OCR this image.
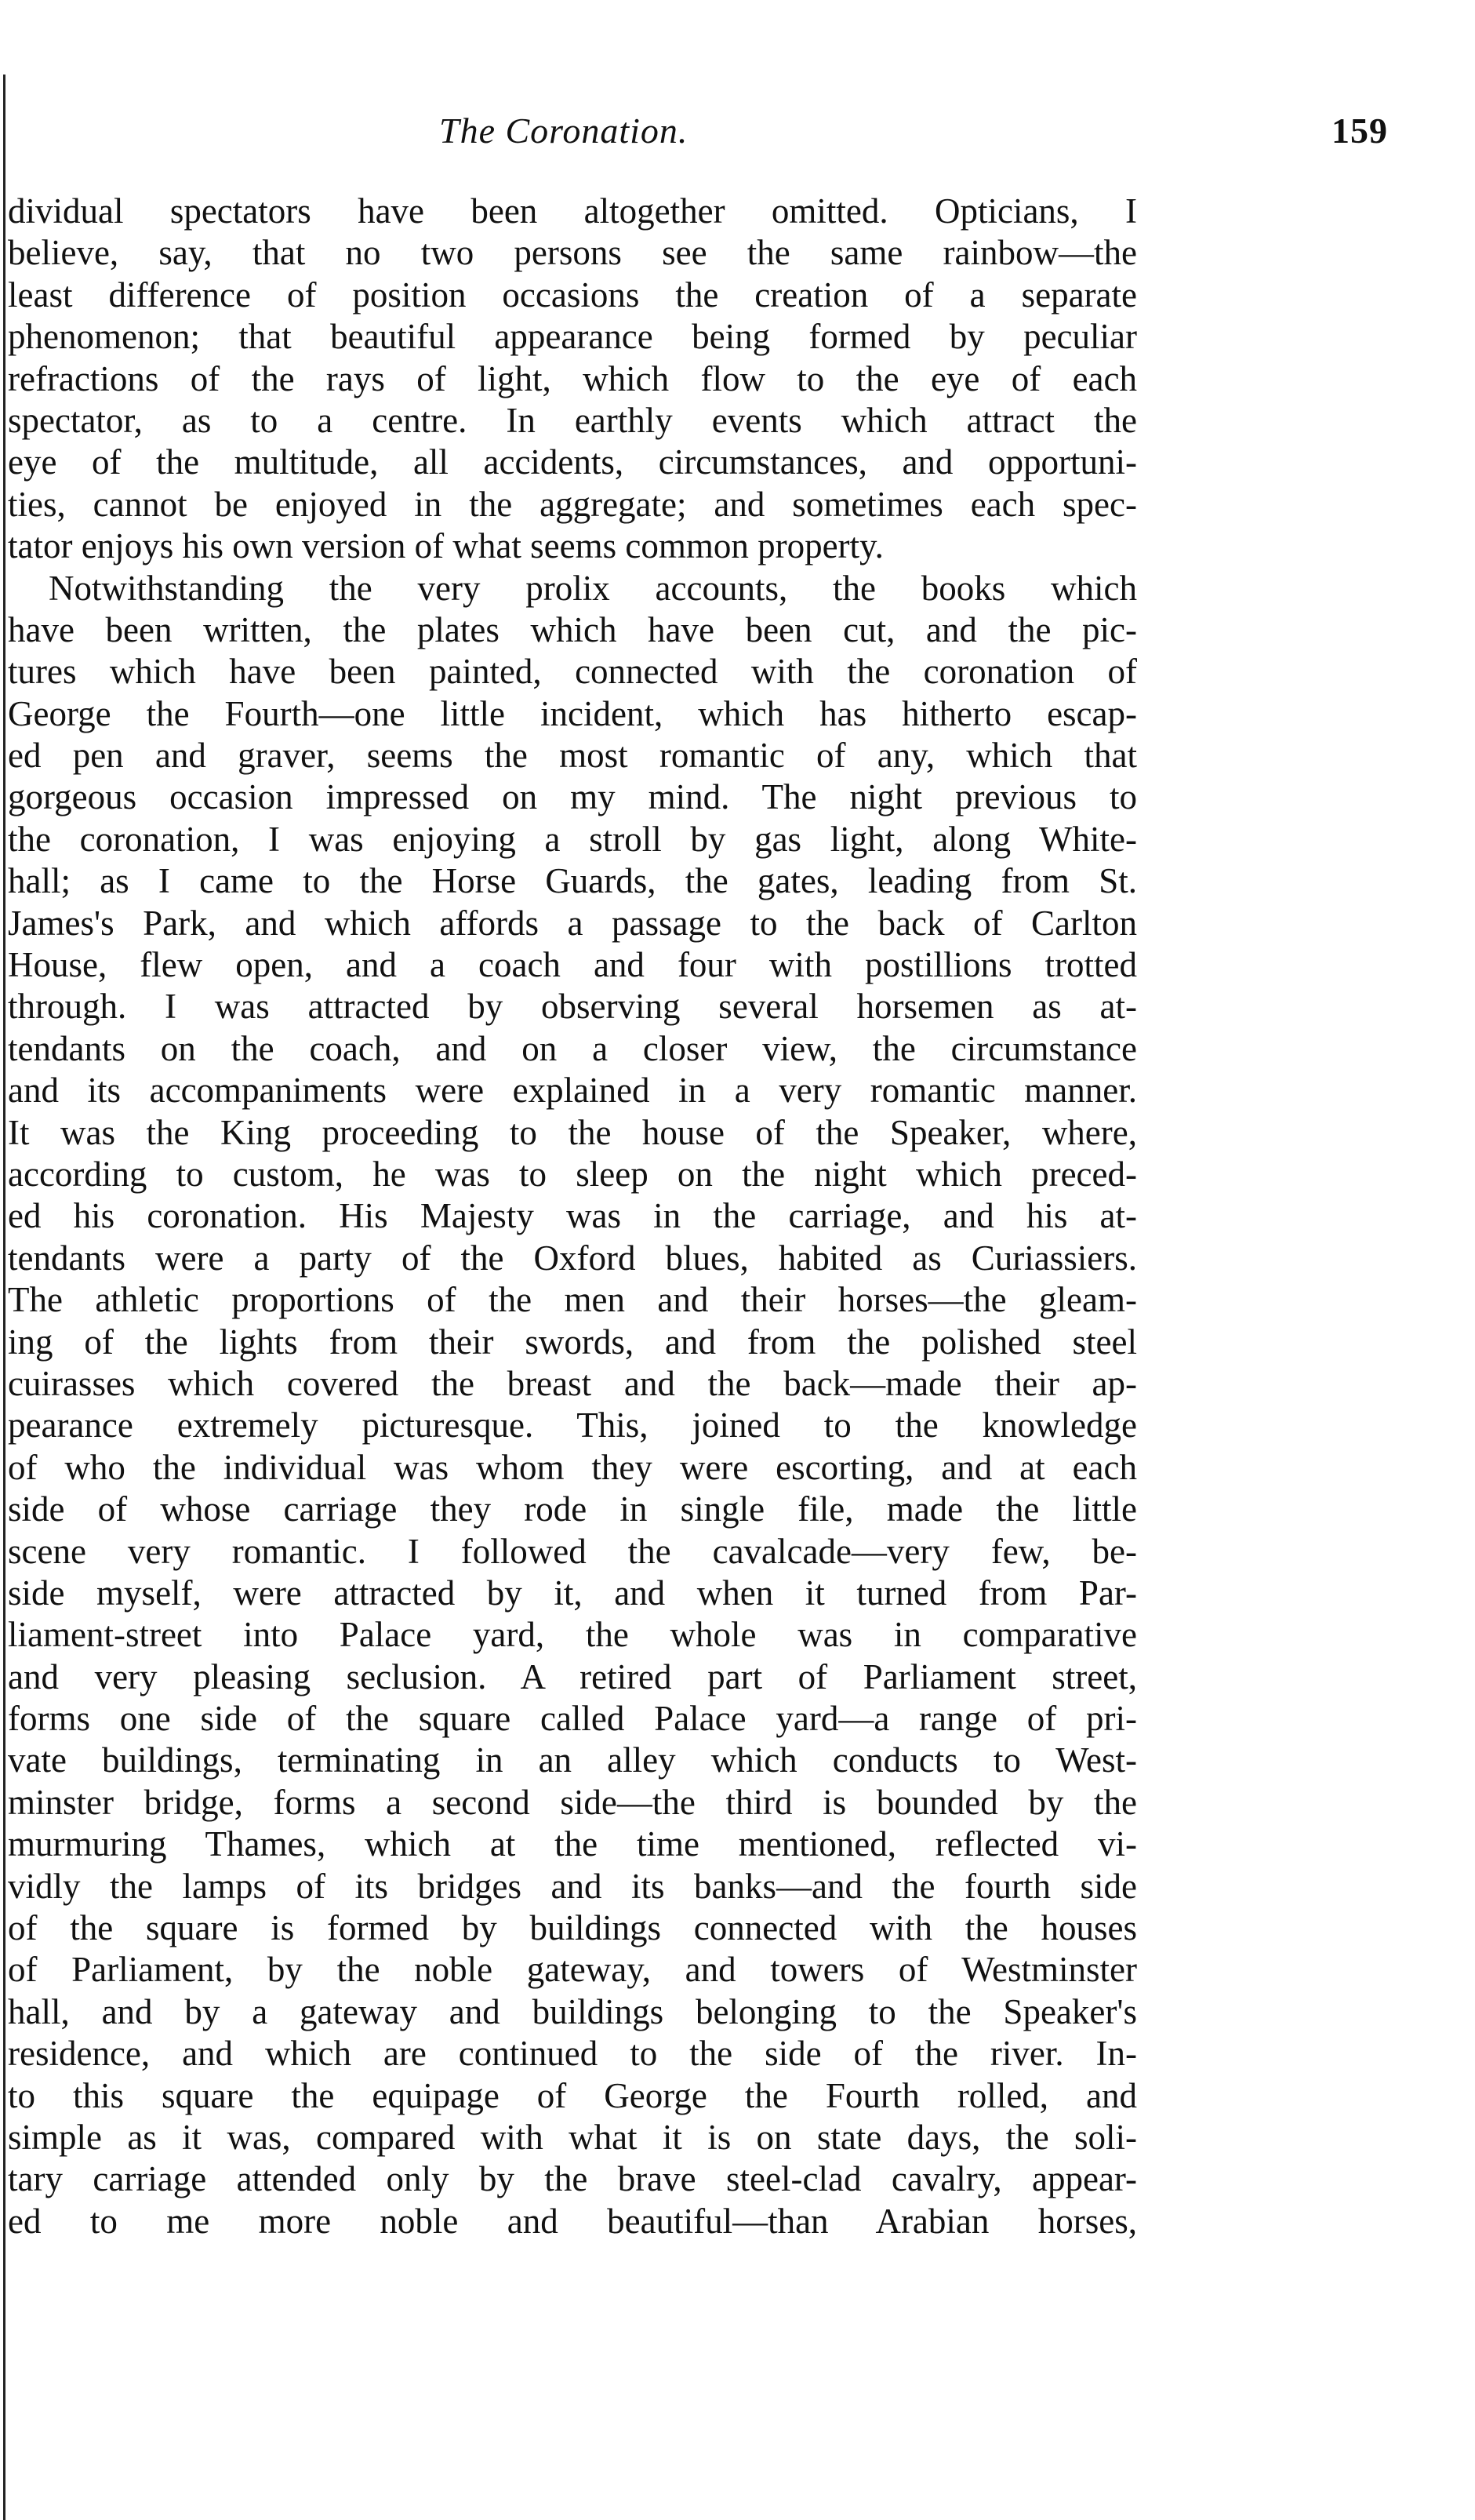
The Coronation.	159
dividual spectators have been altogether omitted. Opticians, I
believe, say, that no two persons see the same rainbow—the
least difference of position occasions the creation of a separate
phenomenon; that beautiful appearance being formed by peculiar
refractions of the rays of light, which flow to the eye of each
spectator, as to a centre. In earthly events which attract the
eye of the multitude, all accidents, circumstances, and opportuni-
ties, cannot be enjoyed in the aggregate; and sometimes each spec-
tator enjoys his own version of what seems common property.
Notwithstanding the very prolix accounts, the books which
have been written, the plates which have been cut, and the pic-
tures which have been painted, connected with the coronation of
George the Fourth—one little incident, which has hitherto escap-
ed pen and graver, seems the most romantic of any, which that
gorgeous occasion impressed on my mind. The night previous to
the coronation, I was enjoying a stroll by gas light, along White-
hall; as I came to the Horse Guards, the gates, leading from St.
James's Park, and which affords a passage to the back of Carlton
House, flew open, and a coach and four with postillions trotted
through. I was attracted by observing several horsemen as at-
tendants on the coach, and on a closer view, the circumstance
and its accompaniments were explained in a very romantic manner.
It was the King proceeding to the house of the Speaker, where,
according to custom, he was to sleep on the night which preced-
ed his coronation. His Majesty was in the carriage, and his at-
tendants were a party of the Oxford blues, habited as Curiassiers.
The athletic proportions of the men and their horses—the gleam-
ing of the lights from their swords, and from the polished steel
cuirasses which covered the breast and the back—made their ap-
pearance extremely picturesque. This, joined to the knowledge
of who the individual was whom they were escorting, and at each
side of whose carriage they rode in single file, made the little
scene very romantic. I followed the cavalcade—very few, be-
side myself, were attracted by it, and when it turned from Par-
liament-street into Palace yard, the whole was in comparative
and very pleasing seclusion. A retired part of Parliament street,
forms one side of the square called Palace yard—a range of pri-
vate buildings, terminating in an alley which conducts to West-
minster bridge, forms a second side—the third is bounded by the
murmuring Thames, which at the time mentioned, reflected vi-
vidly the lamps of its bridges and its banks—and the fourth side
of the square is formed by buildings connected with the houses
of Parliament, by the noble gateway, and towers of Westminster
hall, and by a gateway and buildings belonging to the Speaker's
residence, and which are continued to the side of the river. In-
to this square the equipage of George the Fourth rolled, and
simple as it was, compared with what it is on state days, the soli-
tary carriage attended only by the brave steel-clad cavalry, appear-
ed to me more noble and beautiful—than Arabian horses,
